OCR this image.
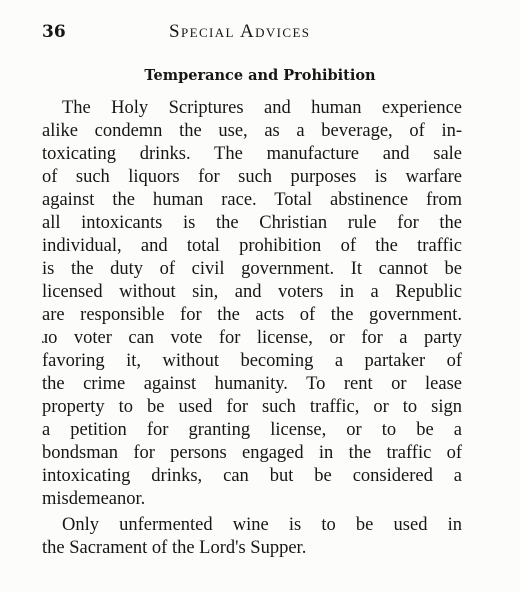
36	Special Advices
Temperance and Prohibition

The Holy Scriptures and human experience

alike condemn the use, as a beverage, of in-

toxicating drinks. The manufacture and sale

of such liquors for such purposes is warfare

against the human race. Total abstinence from

all intoxicants is the Christian rule for the

individual, and total prohibition of the traffic

is the duty of civil government. It cannot be

licensed without sin, and voters in a Republic

are responsible for the acts of the government.

ɹo voter can vote for license, or for a party

favoring it, without becoming a partaker of

the crime against humanity. To rent or lease

property to be used for such traffic, or to sign

a petition for granting license, or to be a

bondsman for persons engaged in the traffic of

intoxicating drinks, can but be considered a

misdemeanor.

Only unfermented wine is to be used in

the Sacrament of the Lord's Supper.
